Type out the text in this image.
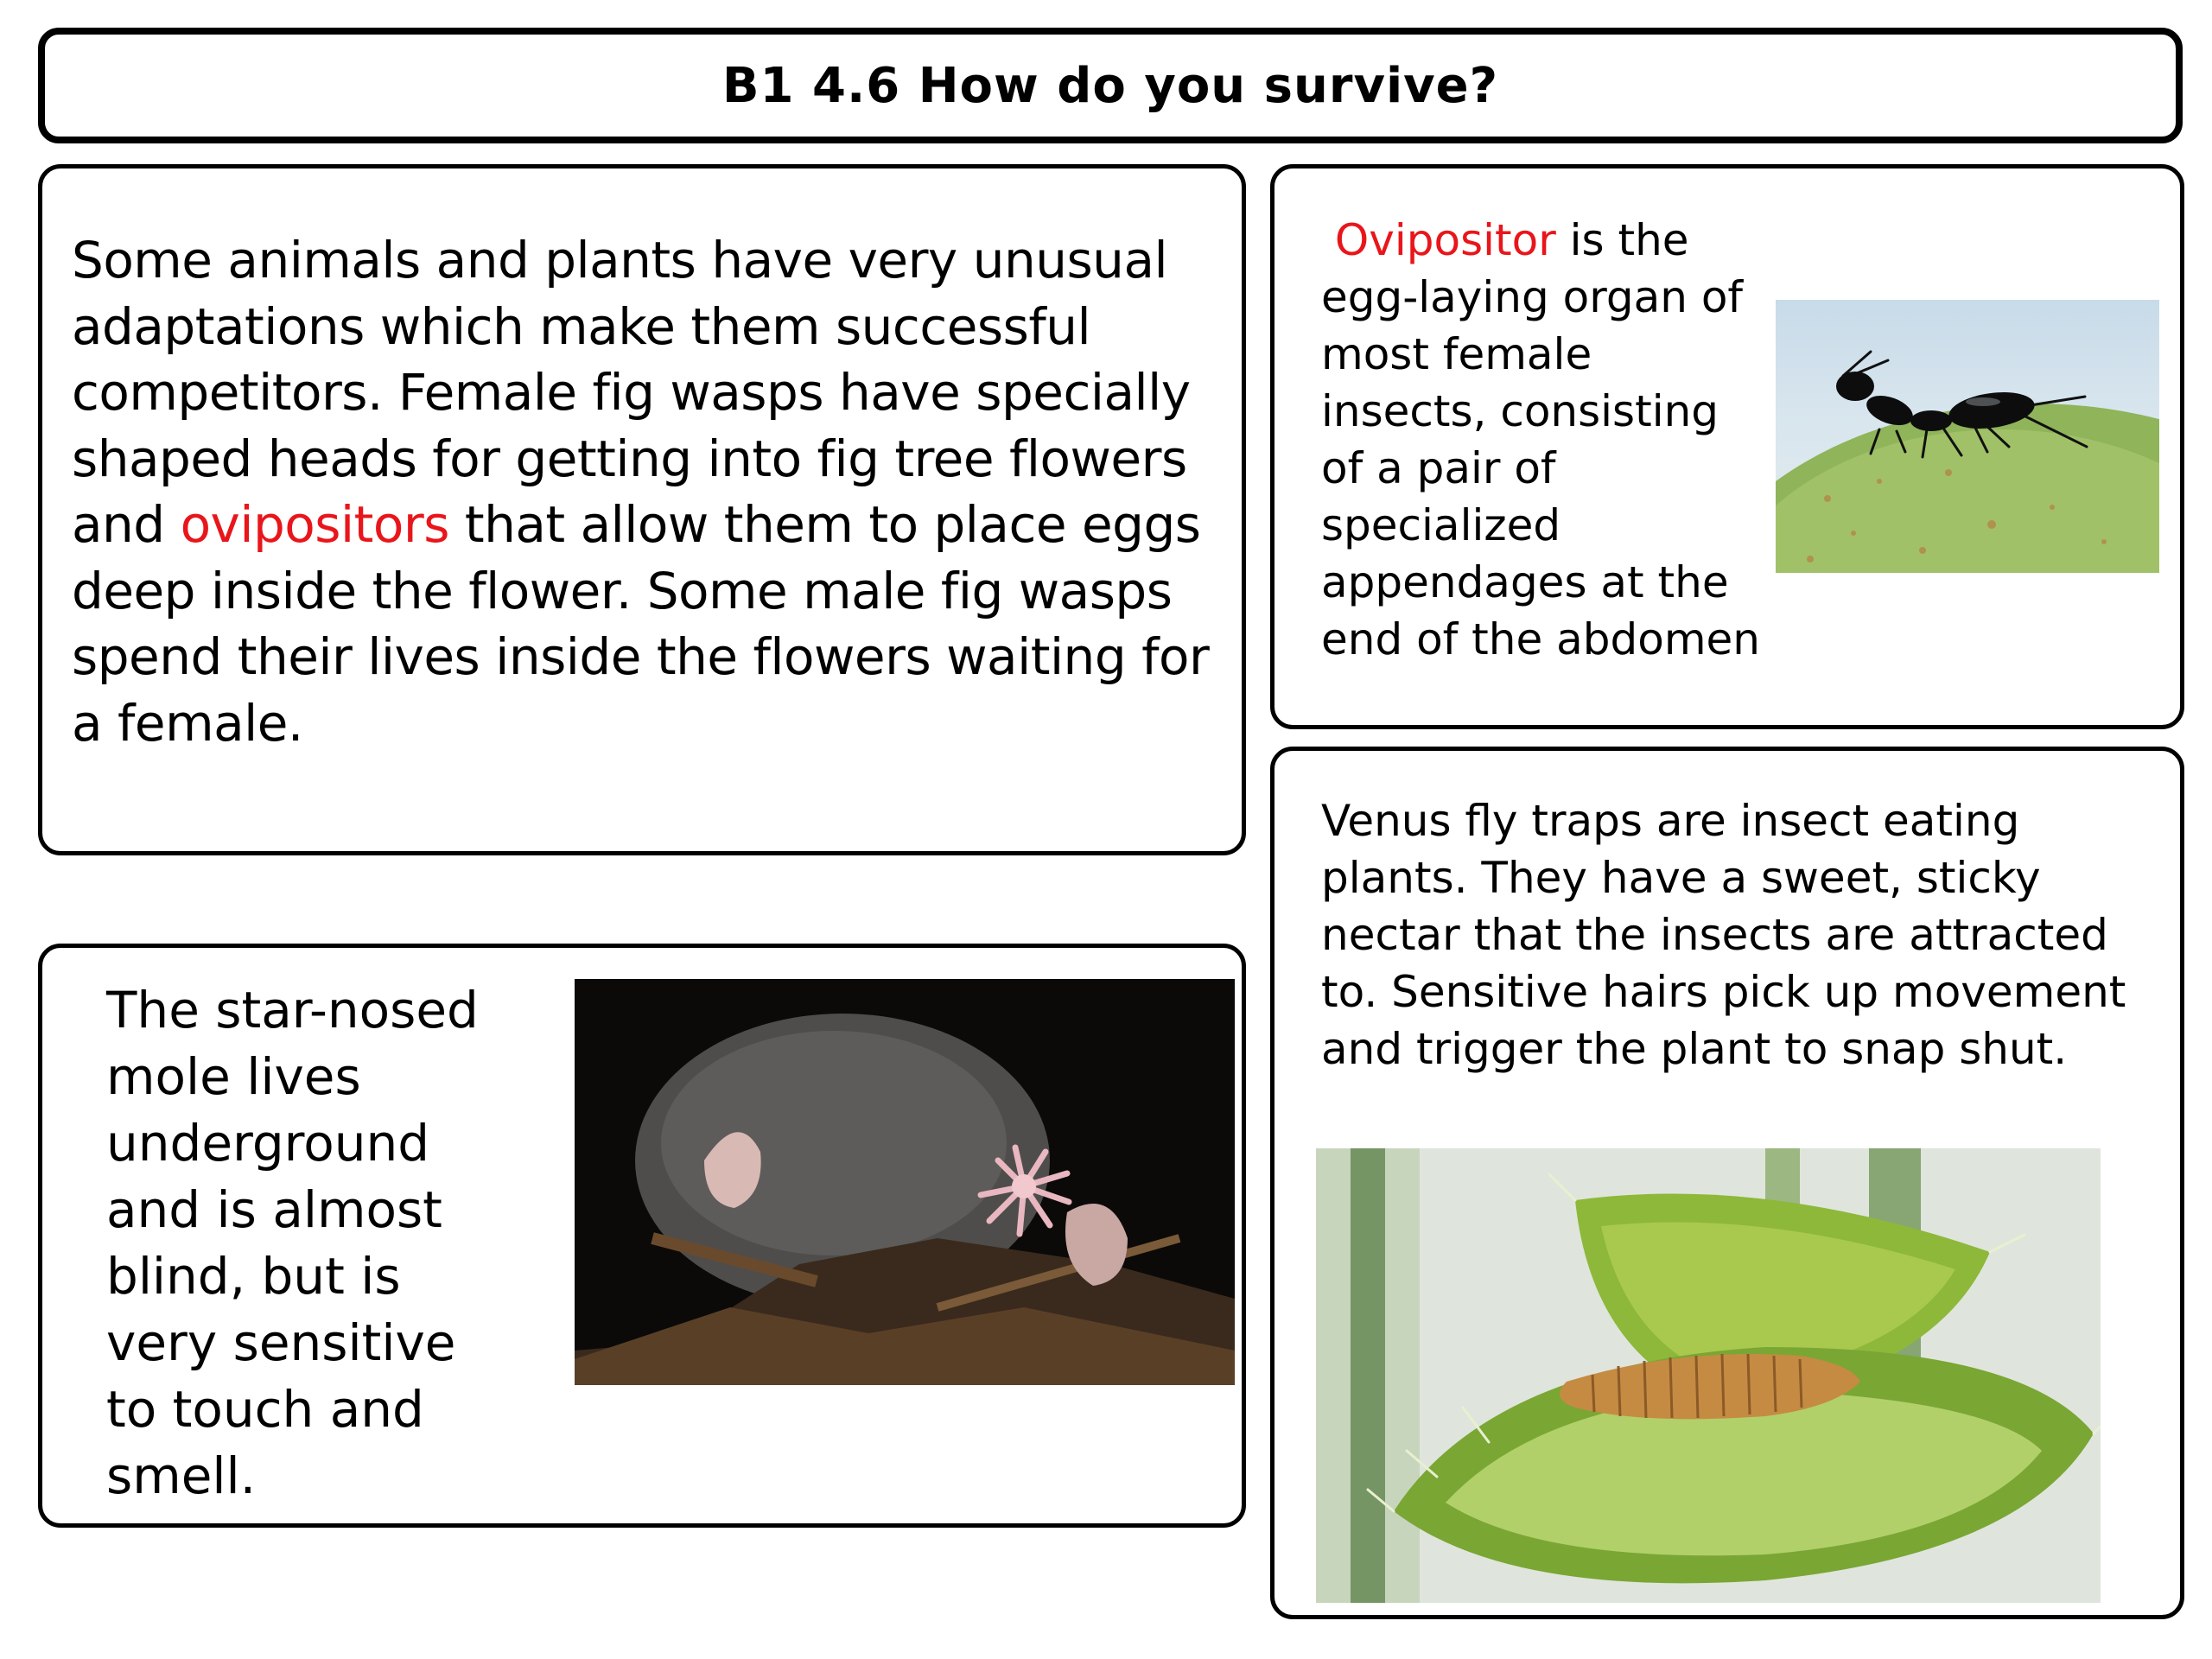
B1 4.6 How do you survive?

Some animals and plants have very unusual adaptations which make them successful competitors. Female fig wasps have specially shaped heads for getting into fig tree flowers and ovipositors that allow them to place eggs deep inside the flower. Some male fig wasps spend their lives inside the flowers waiting for a female.

Ovipositor is the egg-laying organ of most female insects, consisting of a pair of specialized appendages at the end of the abdomen

Venus fly traps are insect eating plants. They have a sweet, sticky nectar that the insects are attracted to. Sensitive hairs pick up movement and trigger the plant to snap shut.

The star-nosed mole lives underground and is almost blind, but is very sensitive to touch and smell.
